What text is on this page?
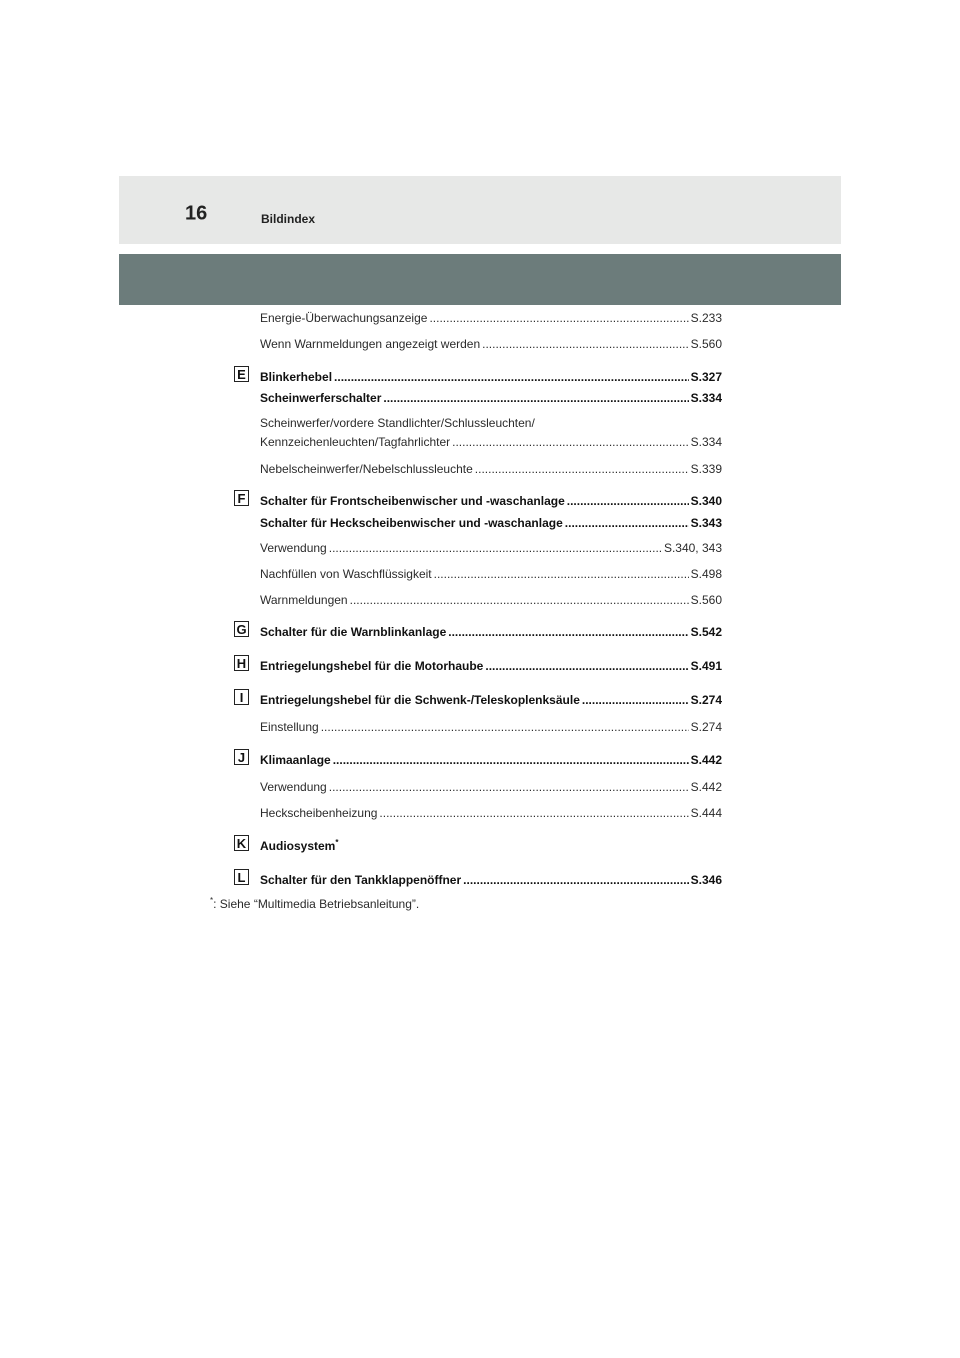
16	Bildindex
Energie-Überwachungsanzeige .....	S.233
Wenn Warnmeldungen angezeigt werden .....	S.560
E Blinkerhebel .....	S.327
Scheinwerferschalter .....	S.334
Scheinwerfer/vordere Standlichter/Schlussleuchten/
Kennzeichenleuchten/Tagfahrlichter .....	S.334
Nebelscheinwerfer/Nebelschlussleuchte .....	S.339
F Schalter für Frontscheibenwischer und -waschanlage .....	S.340
Schalter für Heckscheibenwischer und -waschanlage .....	S.343
Verwendung .....	S.340, 343
Nachfüllen von Waschflüssigkeit .....	S.498
Warnmeldungen .....	S.560
G Schalter für die Warnblinkanlage .....	S.542
H Entriegelungshebel für die Motorhaube .....	S.491
I	Entriegelungshebel für die Schwenk-/Teleskoplenksäule .....	S.274
Einstellung .....	S.274
J	Klimaanlage .....	S.442
Verwendung .....	S.442
Heckscheibenheizung .....	S.444
K Audiosystem*
L Schalter für den Tankklappenöffner .....	S.346
*: Siehe “Multimedia Betriebsanleitung”.
